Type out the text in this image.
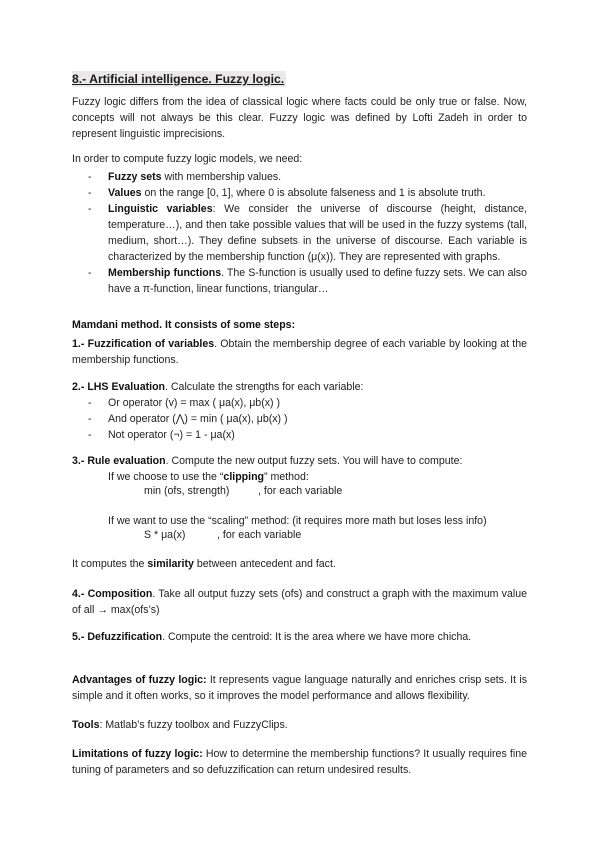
8.- Artificial intelligence. Fuzzy logic.

Fuzzy logic differs from the idea of classical logic where facts could be only true or false. Now, concepts will not always be this clear. Fuzzy logic was defined by Lofti Zadeh in order to represent linguistic imprecisions.

In order to compute fuzzy logic models, we need:

- Fuzzy sets with membership values.
- Values on the range [0, 1], where 0 is absolute falseness and 1 is absolute truth.
- Linguistic variables: We consider the universe of discourse (height, distance, temperature…), and then take possible values that will be used in the fuzzy systems (tall, medium, short…). They define subsets in the universe of discourse. Each variable is characterized by the membership function (μ(x)). They are represented with graphs.
- Membership functions. The S-function is usually used to define fuzzy sets. We can also have a π-function, linear functions, triangular…

Mamdani method. It consists of some steps:

1.- Fuzzification of variables. Obtain the membership degree of each variable by looking at the membership functions.

2.- LHS Evaluation. Calculate the strengths for each variable:

- Or operator (v) = max ( μa(x), μb(x) )
- And operator (⋀) = min ( μa(x), μb(x) )
- Not operator (¬) = 1 - μa(x)

3.- Rule evaluation. Compute the new output fuzzy sets. You will have to compute:

If we choose to use the “clipping” method:

min (ofs, strength)	, for each variable

If we want to use the “scaling” method: (it requires more math but loses less info)

S * μa(x)	, for each variable

It computes the similarity between antecedent and fact.

4.- Composition. Take all output fuzzy sets (ofs) and construct a graph with the maximum value of all → max(ofs’s)

5.- Defuzzification. Compute the centroid: It is the area where we have more chicha.

Advantages of fuzzy logic: It represents vague language naturally and enriches crisp sets. It is simple and it often works, so it improves the model performance and allows flexibility.

Tools: Matlab’s fuzzy toolbox and FuzzyClips.

Limitations of fuzzy logic: How to determine the membership functions? It usually requires fine tuning of parameters and so defuzzification can return undesired results.
